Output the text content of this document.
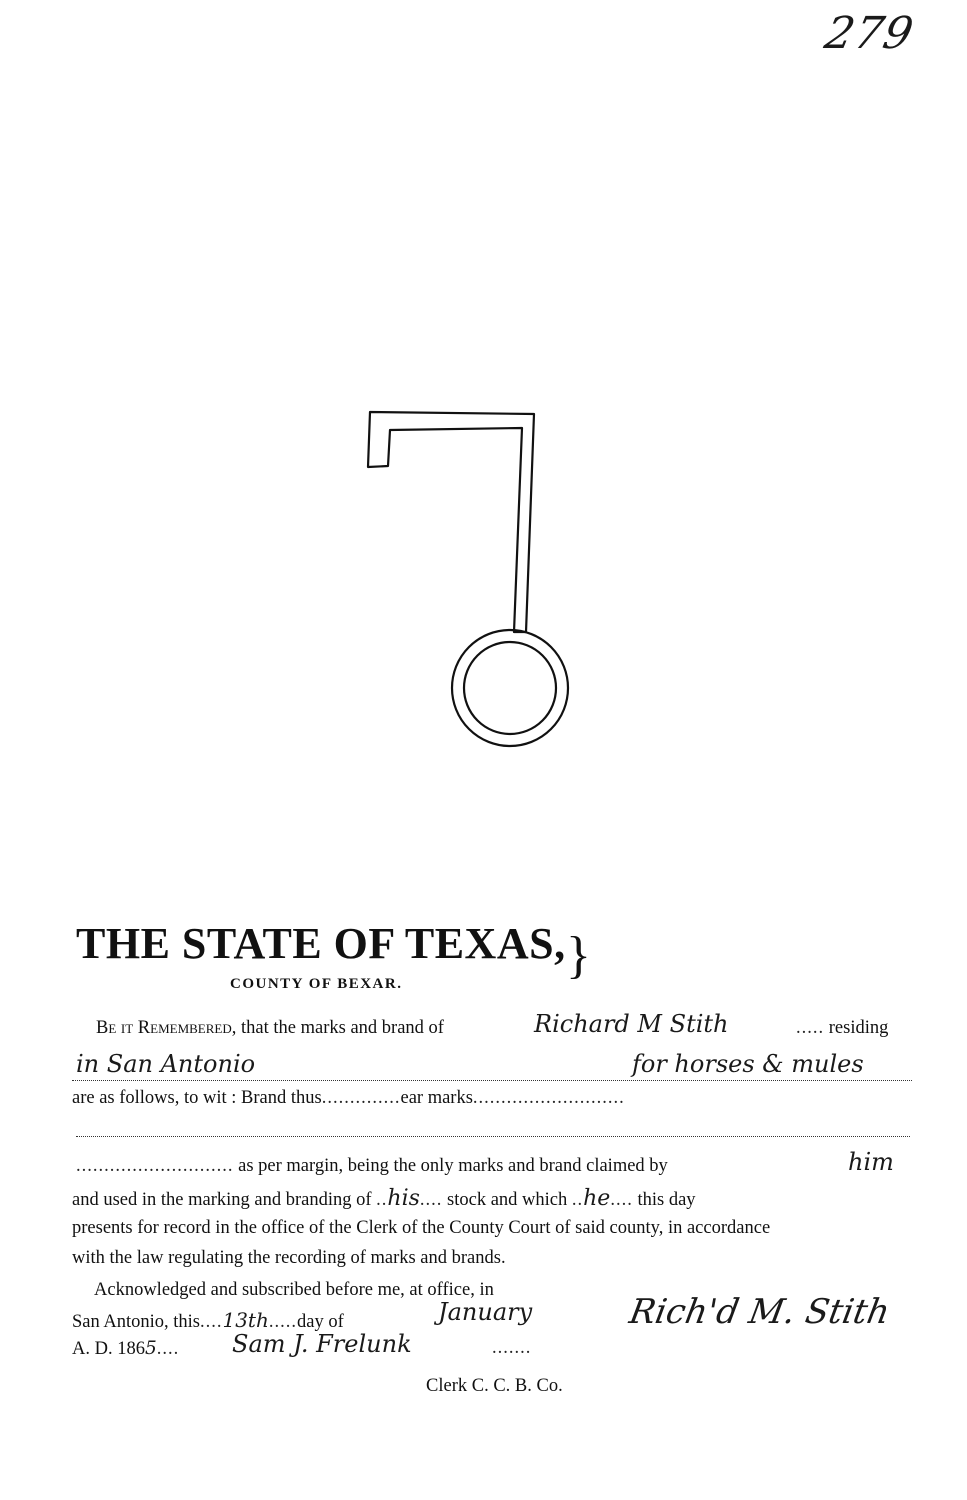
279
THE STATE OF TEXAS, }
COUNTY OF BEXAR.
Be it Remembered, that the marks and brand of	Richard M Stith	..... residing
in San Antonio	for horses & mules
are as follows, to wit : Brand thus..............ear marks...........................
............................ as per margin, being the only marks and brand claimed by	him
and used in the marking and branding of ..his.... stock and which ..he.... this day
presents for record in the office of the Clerk of the County Court of said county, in accordance
with the law regulating the recording of marks and brands.
Acknowledged and subscribed before me, at office, in
San Antonio, this....13th.....day of	January
A. D. 1865.... Sam J. Frelunk	.......
Clerk C. C. B. Co.
Rich'd M. Stith
